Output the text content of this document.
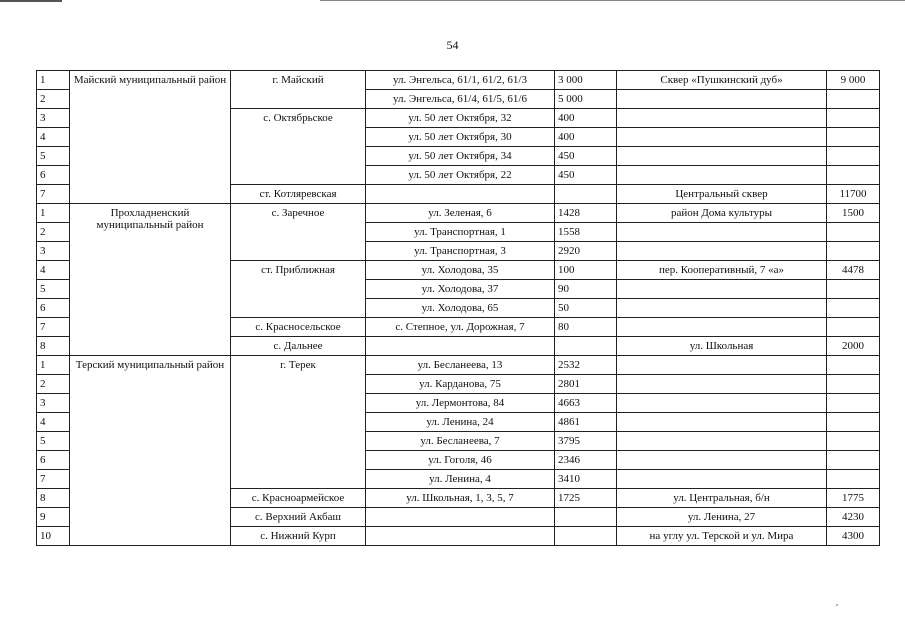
54
1	Майский муниципальный район	г. Майский	ул. Энгельса, 61/1, 61/2, 61/3	3 000	Сквер «Пушкинский дуб»	9 000
2			ул. Энгельса, 61/4, 61/5, 61/6	5 000		
3		с. Октябрьское	ул. 50 лет Октября, 32	400		
4			ул. 50 лет Октября, 30	400		
5			ул. 50 лет Октября, 34	450		
6			ул. 50 лет Октября, 22	450		
7		ст. Котляревская			Центральный сквер	11700
1	Прохладненский муниципальный район	с. Заречное	ул. Зеленая, 6	1428	район Дома культуры	1500
2			ул. Транспортная, 1	1558		
3			ул. Транспортная, 3	2920		
4		ст. Приближная	ул. Холодова, 35	100	пер. Кооперативный, 7 «а»	4478
5			ул. Холодова, 37	90		
6			ул. Холодова, 65	50		
7		с. Красносельское	с. Степное, ул. Дорожная, 7	80		
8		с. Дальнее			ул. Школьная	2000
1	Терский муниципальный район	г. Терек	ул. Бесланеева, 13	2532		
2			ул. Карданова, 75	2801		
3			ул. Лермонтова, 84	4663		
4			ул. Ленина, 24	4861		
5			ул. Бесланеева, 7	3795		
6			ул. Гоголя, 46	2346		
7			ул. Ленина, 4	3410		
8		с. Красноармейское	ул. Школьная, 1, 3, 5, 7	1725	ул. Центральная, б/н	1775
9		с. Верхний Акбаш			ул. Ленина, 27	4230
10		с. Нижний Курп			на углу ул. Терской и ул. Мира	4300
ʹ
